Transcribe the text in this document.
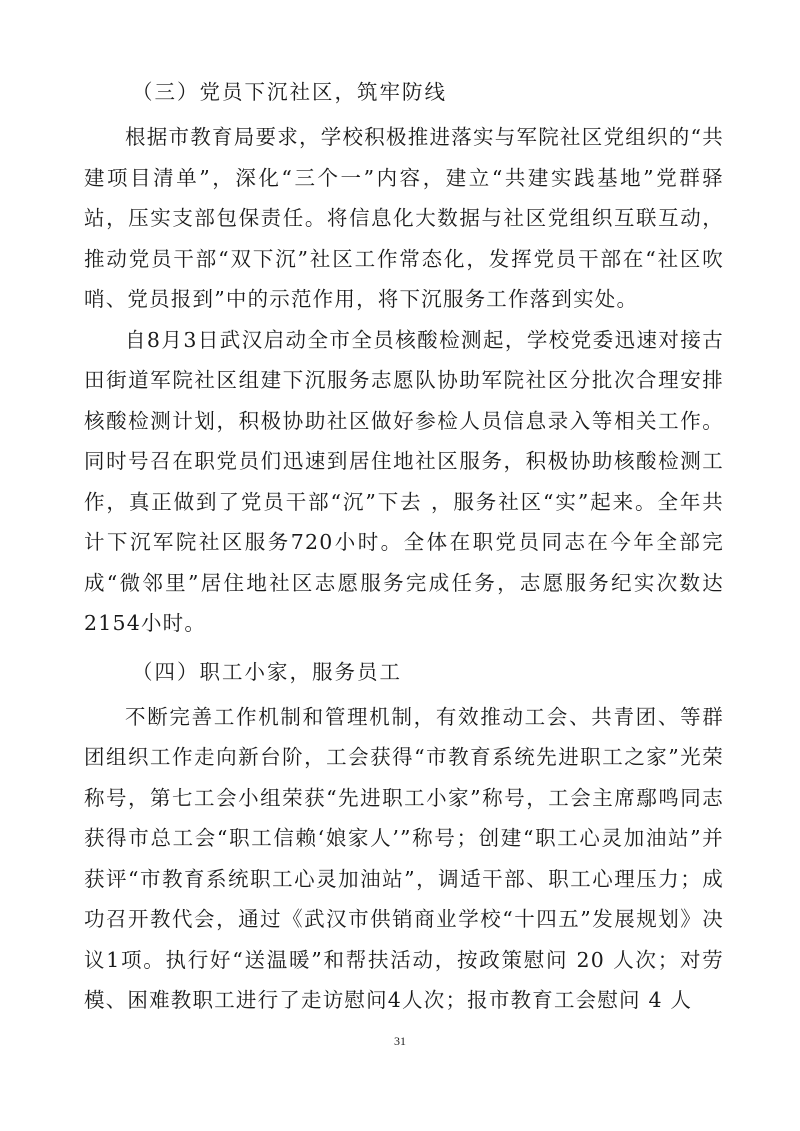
（三）党员下沉社区，筑牢防线

根据市教育局要求，学校积极推进落实与军院社区党组织的“共建项目清单”，深化“三个一”内容，建立“共建实践基地”党群驿站，压实支部包保责任。将信息化大数据与社区党组织互联互动，推动党员干部“双下沉”社区工作常态化，发挥党员干部在“社区吹哨、党员报到”中的示范作用，将下沉服务工作落到实处。

自8月3日武汉启动全市全员核酸检测起，学校党委迅速对接古田街道军院社区组建下沉服务志愿队协助军院社区分批次合理安排核酸检测计划，积极协助社区做好参检人员信息录入等相关工作。同时号召在职党员们迅速到居住地社区服务，积极协助核酸检测工作，真正做到了党员干部“沉”下去 ，服务社区“实”起来。全年共计下沉军院社区服务720小时。全体在职党员同志在今年全部完成“微邻里”居住地社区志愿服务完成任务，志愿服务纪实次数达2154小时。

（四）职工小家，服务员工

不断完善工作机制和管理机制，有效推动工会、共青团、等群团组织工作走向新台阶，工会获得“市教育系统先进职工之家”光荣称号，第七工会小组荣获“先进职工小家”称号，工会主席鄢鸣同志获得市总工会“职工信赖‘娘家人’”称号；创建“职工心灵加油站”并获评“市教育系统职工心灵加油站”，调适干部、职工心理压力；成功召开教代会，通过《武汉市供销商业学校“十四五”发展规划》决议1项。执行好“送温暖”和帮扶活动，按政策慰问 20 人次；对劳模、困难教职工进行了走访慰问4人次；报市教育工会慰问 4 人

31
